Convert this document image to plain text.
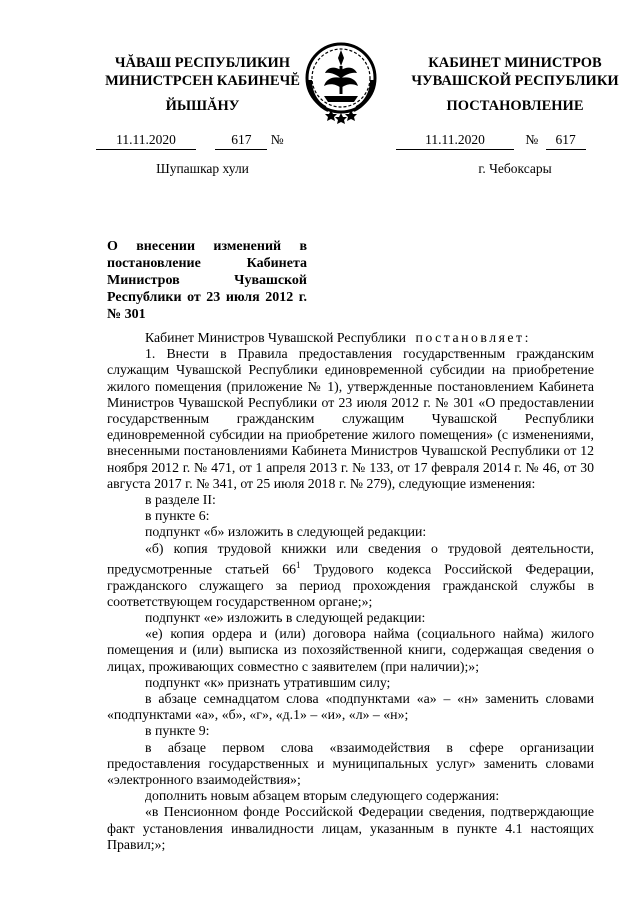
ЧĂВАШ РЕСПУБЛИКИН
МИНИСТРСЕН КАБИНЕЧĔ
ЙЫШĂНУ
11.11.2020	617 №
Шупашкар хули
КАБИНЕТ МИНИСТРОВ
ЧУВАШСКОЙ РЕСПУБЛИКИ
ПОСТАНОВЛЕНИЕ
11.11.2020	№ 617
г. Чебоксары
О внесении изменений в постановление Кабинета Министров Чувашской Республики от 23 июля 2012 г. № 301

Кабинет Министров Чувашской Республики постановляет:

1. Внести в Правила предоставления государственным гражданским служащим Чувашской Республики единовременной субсидии на приобретение жилого помещения (приложение № 1), утвержденные постановлением Кабинета Министров Чувашской Республики от 23 июля 2012 г. № 301 «О предоставлении государственным гражданским служащим Чувашской Республики единовременной субсидии на приобретение жилого помещения» (с изменениями, внесенными постановлениями Кабинета Министров Чувашской Республики от 12 ноября 2012 г. № 471, от 1 апреля 2013 г. № 133, от 17 февраля 2014 г. № 46, от 30 августа 2017 г. № 341, от 25 июля 2018 г. № 279), следующие изменения:

в разделе II:

в пункте 6:

подпункт «б» изложить в следующей редакции:

«б) копия трудовой книжки или сведения о трудовой деятельности, предусмотренные статьей $66^1$ Трудового кодекса Российской Федерации, гражданского служащего за период прохождения гражданской службы в соответствующем государственном органе;»;

подпункт «е» изложить в следующей редакции:

«е) копия ордера и (или) договора найма (социального найма) жилого помещения и (или) выписка из похозяйственной книги, содержащая сведения о лицах, проживающих совместно с заявителем (при наличии);»;

подпункт «к» признать утратившим силу;

в абзаце семнадцатом слова «подпунктами «а» – «н» заменить словами «подпунктами «а», «б», «г», «д.1» – «и», «л» – «н»;

в пункте 9:

в абзаце первом слова «взаимодействия в сфере организации предоставления государственных и муниципальных услуг» заменить словами «электронного взаимодействия»;

дополнить новым абзацем вторым следующего содержания:

«в Пенсионном фонде Российской Федерации сведения, подтверждающие факт установления инвалидности лицам, указанным в пункте 4.1 настоящих Правил;»;
